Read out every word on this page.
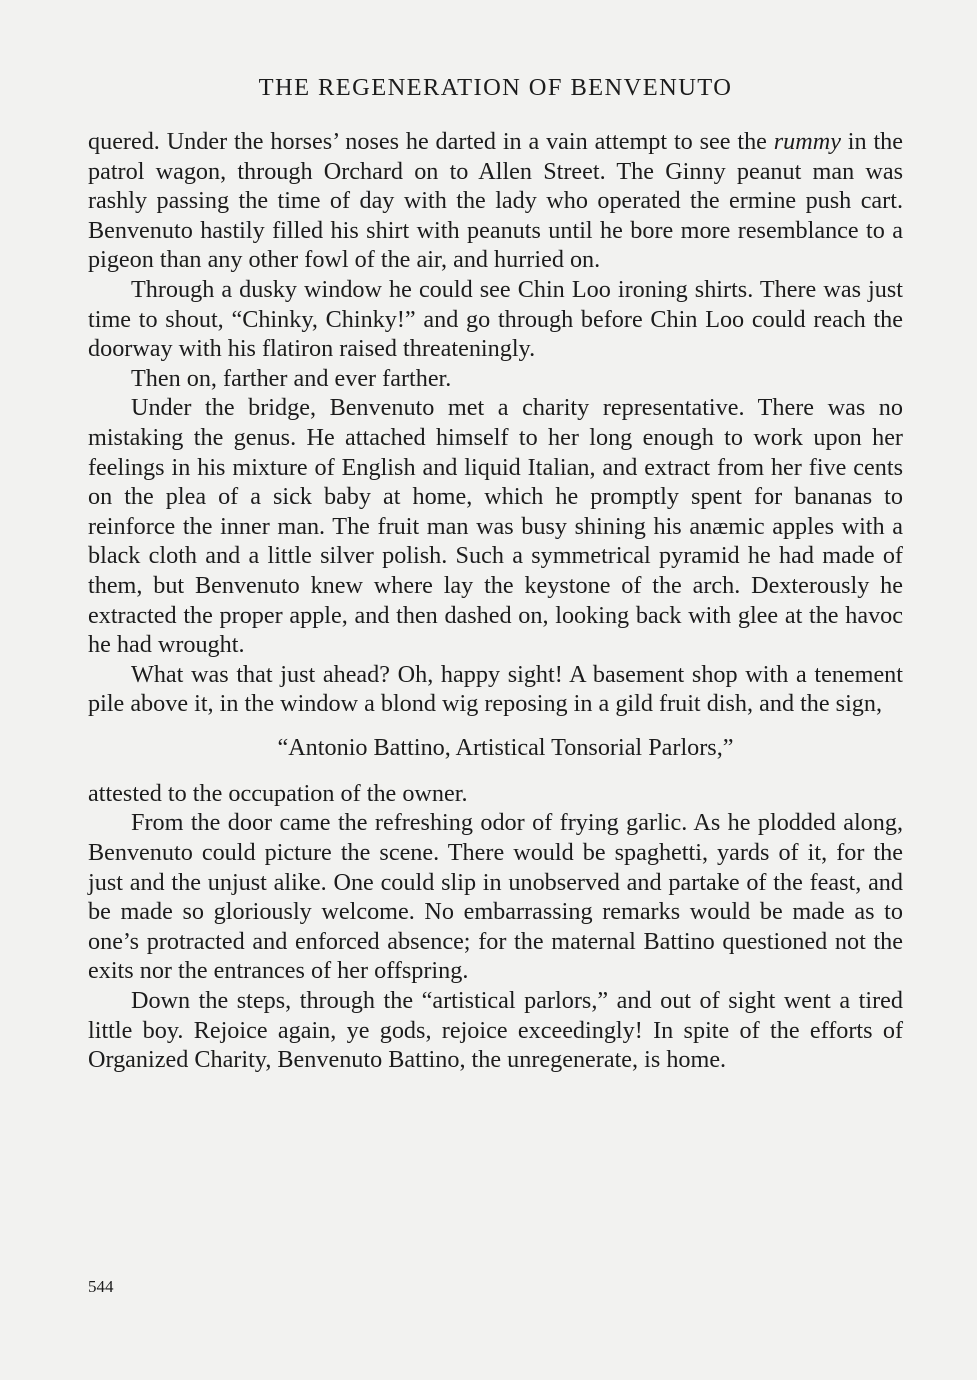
THE REGENERATION OF BENVENUTO

quered. Under the horses’ noses he darted in a vain attempt to see the rummy in the patrol wagon, through Orchard on to Allen Street. The Ginny peanut man was rashly passing the time of day with the lady who operated the ermine push cart. Benvenuto hastily filled his shirt with peanuts until he bore more resemblance to a pigeon than any other fowl of the air, and hurried on.

Through a dusky window he could see Chin Loo ironing shirts. There was just time to shout, “Chinky, Chinky!” and go through before Chin Loo could reach the doorway with his flatiron raised threateningly.

Then on, farther and ever farther.

Under the bridge, Benvenuto met a charity representative. There was no mistaking the genus. He attached himself to her long enough to work upon her feelings in his mixture of English and liquid Italian, and extract from her five cents on the plea of a sick baby at home, which he promptly spent for bananas to reinforce the inner man. The fruit man was busy shining his anæmic apples with a black cloth and a little silver polish. Such a symmetrical pyramid he had made of them, but Benvenuto knew where lay the keystone of the arch. Dexterously he extracted the proper apple, and then dashed on, looking back with glee at the havoc he had wrought.

What was that just ahead? Oh, happy sight! A basement shop with a tenement pile above it, in the window a blond wig reposing in a gild fruit dish, and the sign,

“Antonio Battino, Artistical Tonsorial Parlors,”

attested to the occupation of the owner.

From the door came the refreshing odor of frying garlic. As he plodded along, Benvenuto could picture the scene. There would be spaghetti, yards of it, for the just and the unjust alike. One could slip in unobserved and partake of the feast, and be made so gloriously welcome. No embarrassing remarks would be made as to one’s protracted and enforced absence; for the maternal Battino questioned not the exits nor the entrances of her offspring.

Down the steps, through the “artistical parlors,” and out of sight went a tired little boy. Rejoice again, ye gods, rejoice exceedingly! In spite of the efforts of Organized Charity, Benvenuto Battino, the unregenerate, is home.

544
